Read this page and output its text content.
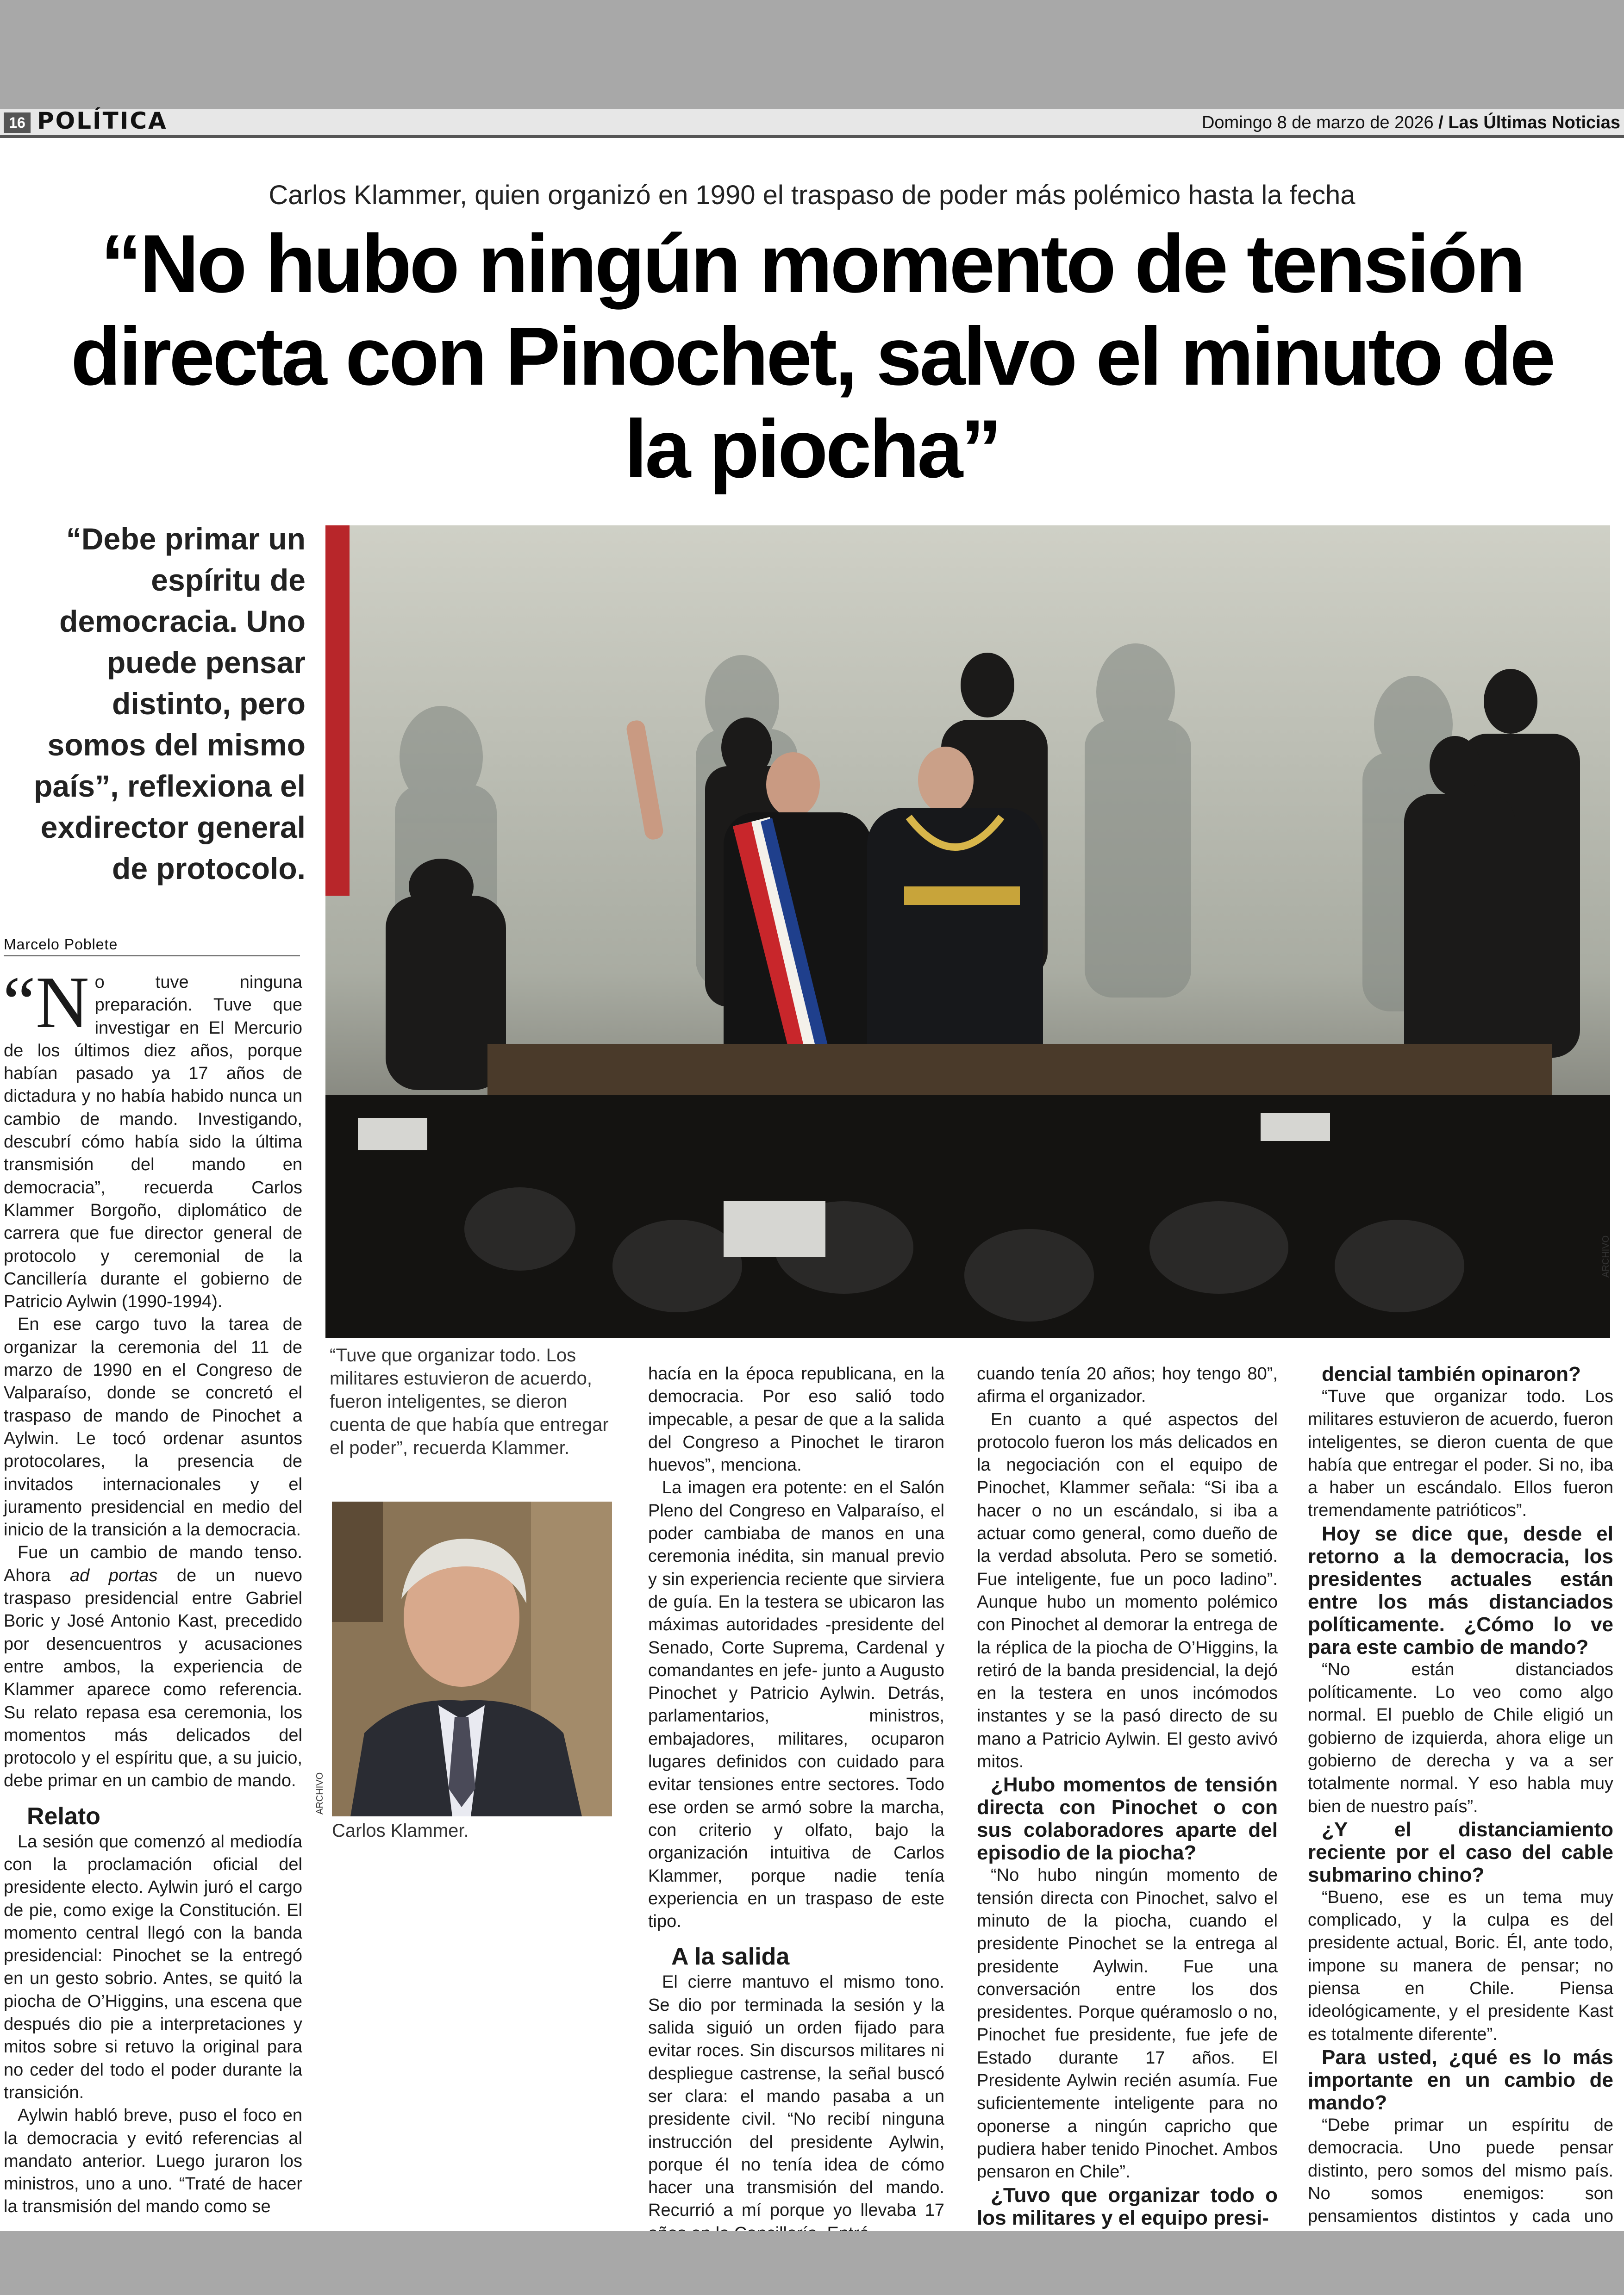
16 POLÍTICA	Domingo 8 de marzo de 2026 / Las Últimas Noticias
Carlos Klammer, quien organizó en 1990 el traspaso de poder más polémico hasta la fecha
“No hubo ningún momento de tensión directa con Pinochet, salvo el minuto de la piocha”
“Debe primar un espíritu de democracia. Uno puede pensar distinto, pero somos del mismo país”, reflexiona el exdirector general de protocolo.
ARCHIVO
“Tuve que organizar todo. Los militares estuvieron de acuerdo, fueron inteligentes, se dieron cuenta de que había que entregar el poder”, recuerda Klammer.
ARCHIVO
Carlos Klammer.
Marcelo Poblete

“No tuve ninguna preparación. Tuve que investigar en El Mercurio de los últimos diez años, porque habían pasado ya 17 años de dictadura y no había habido nunca un cambio de mando. Investigando, descubrí cómo había sido la última transmisión del mando en democracia”, recuerda Carlos Klammer Borgoño, diplomático de carrera que fue director general de protocolo y ceremonial de la Cancillería durante el gobierno de Patricio Aylwin (1990-1994).

En ese cargo tuvo la tarea de organizar la ceremonia del 11 de marzo de 1990 en el Congreso de Valparaíso, donde se concretó el traspaso de mando de Pinochet a Aylwin. Le tocó ordenar asuntos protocolares, la presencia de invitados internacionales y el juramento presidencial en medio del inicio de la transición a la democracia.

Fue un cambio de mando tenso. Ahora ad portas de un nuevo traspaso presidencial entre Gabriel Boric y José Antonio Kast, precedido por desencuentros y acusaciones entre ambos, la experiencia de Klammer aparece como referencia. Su relato repasa esa ceremonia, los momentos más delicados del protocolo y el espíritu que, a su juicio, debe primar en un cambio de mando.

Relato

La sesión que comenzó al mediodía con la proclamación oficial del presidente electo. Aylwin juró el cargo de pie, como exige la Constitución. El momento central llegó con la banda presidencial: Pinochet se la entregó en un gesto sobrio. Antes, se quitó la piocha de O’Higgins, una escena que después dio pie a interpretaciones y mitos sobre si retuvo la original para no ceder del todo el poder durante la transición.

Aylwin habló breve, puso el foco en la democracia y evitó referencias al mandato anterior. Luego juraron los ministros, uno a uno. “Traté de hacer la transmisión del mando como se

hacía en la época republicana, en la democracia. Por eso salió todo impecable, a pesar de que a la salida del Congreso a Pinochet le tiraron huevos”, menciona.

La imagen era potente: en el Salón Pleno del Congreso en Valparaíso, el poder cambiaba de manos en una ceremonia inédita, sin manual previo y sin experiencia reciente que sirviera de guía. En la testera se ubicaron las máximas autoridades -presidente del Senado, Corte Suprema, Cardenal y comandantes en jefe- junto a Augusto Pinochet y Patricio Aylwin. Detrás, parlamentarios, ministros, embajadores, militares, ocuparon lugares definidos con cuidado para evitar tensiones entre sectores. Todo ese orden se armó sobre la marcha, con criterio y olfato, bajo la organización intuitiva de Carlos Klammer, porque nadie tenía experiencia en un traspaso de este tipo.

A la salida

El cierre mantuvo el mismo tono. Se dio por terminada la sesión y la salida siguió un orden fijado para evitar roces. Sin discursos militares ni despliegue castrense, la señal buscó ser clara: el mando pasaba a un presidente civil. “No recibí ninguna instrucción del presidente Aylwin, porque él no tenía idea de cómo hacer una transmisión del mando. Recurrió a mí porque yo llevaba 17

cuando tenía 20 años; hoy tengo 80”, afirma el organizador.

En cuanto a qué aspectos del protocolo fueron los más delicados en la negociación con el equipo de Pinochet, Klammer señala: “Si iba a hacer o no un escándalo, si iba a actuar como general, como dueño de la verdad absoluta. Pero se sometió. Fue inteligente, fue un poco ladino”. Aunque hubo un momento polémico con Pinochet al demorar la entrega de la réplica de la piocha de O’Higgins, la retiró de la banda presidencial, la dejó en la testera en unos incómodos instantes y se la pasó directo de su mano a Patricio Aylwin. El gesto avivó mitos.

¿Hubo momentos de tensión directa con Pinochet o con sus colaboradores aparte del episodio de la piocha?

“No hubo ningún momento de tensión directa con Pinochet, salvo el minuto de la piocha, cuando el presidente Pinochet se la entrega al presidente Aylwin. Fue una conversación entre los dos presidentes. Porque quéramoslo o no, Pinochet fue presidente, fue jefe de Estado durante 17 años. El Presidente Aylwin recién asumía. Fue suficientemente inteligente para no oponerse a ningún capricho que pudiera haber tenido Pinochet. Ambos pensaron en Chile”.

¿Tuvo que organizar todo o los militares y el equipo presi-

dencial también opinaron?

“Tuve que organizar todo. Los militares estuvieron de acuerdo, fueron inteligentes, se dieron cuenta de que había que entregar el poder. Si no, iba a haber un escándalo. Ellos fueron tremendamente patrióticos”.

Hoy se dice que, desde el retorno a la democracia, los presidentes actuales están entre los más distanciados políticamente. ¿Cómo lo ve para este cambio de mando?

“No están distanciados políticamente. Lo veo como algo normal. El pueblo de Chile eligió un gobierno de izquierda, ahora elige un gobierno de derecha y va a ser totalmente normal. Y eso habla muy bien de nuestro país”.

¿Y el distanciamiento reciente por el caso del cable submarino chino?

“Bueno, ese es un tema muy complicado, y la culpa es del presidente actual, Boric. Él, ante todo, impone su manera de pensar; no piensa en Chile. Piensa ideológicamente, y el presidente Kast es totalmente diferente”.

Para usted, ¿qué es lo más importante en un cambio de mando?

“Debe primar un espíritu de democracia. Uno puede pensar distinto, pero somos del mismo país. No somos enemigos: son pensamientos distintos y cada uno
